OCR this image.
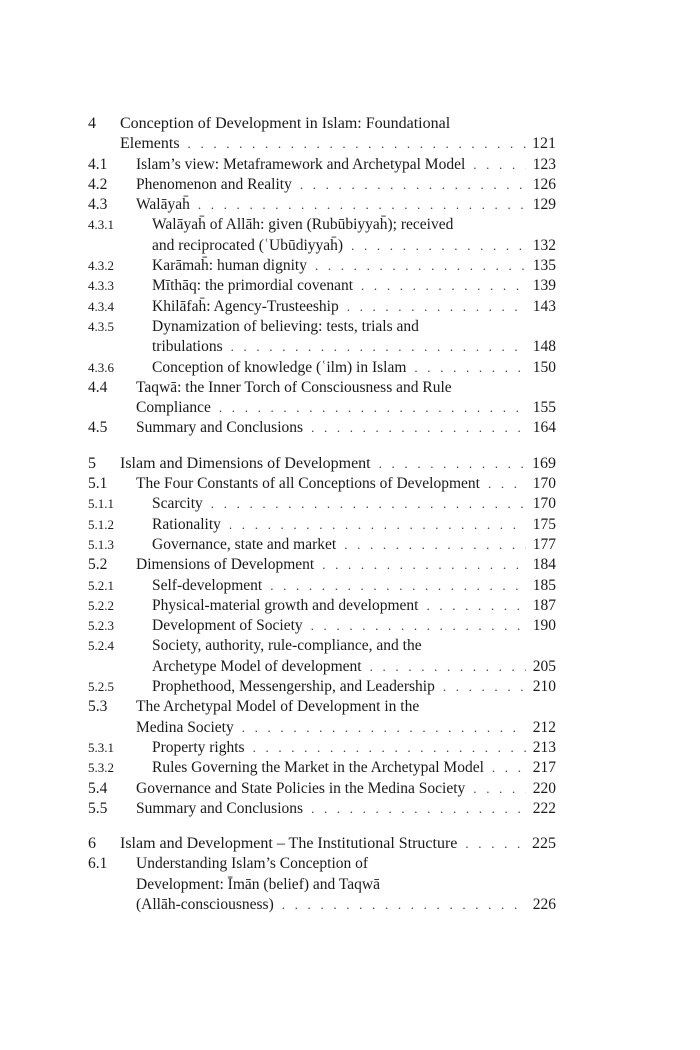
4 Conception of Development in Islam: Foundational
Elements . . .	121
4.1 Islam’s view: Metaframework and Archetypal Model . . .	123
4.2 Phenomenon and Reality . . .	126
4.3 Walāyah̄ . . .	129
4.3.1 Walāyah̄ of Allāh: given (Rubūbiyyah̄); received
and reciprocated (ʿUbūdiyyah̄) . . .	132
4.3.2 Karāmah̄: human dignity . . .	135
4.3.3 Mīthāq: the primordial covenant . . .	139
4.3.4 Khilāfah̄: Agency-Trusteeship . . .	143
4.3.5 Dynamization of believing: tests, trials and
tribulations . . .	148
4.3.6 Conception of knowledge (ʿilm) in Islam . . .	150
4.4 Taqwā: the Inner Torch of Consciousness and Rule
Compliance . . .	155
4.5 Summary and Conclusions . . .	164
5 Islam and Dimensions of Development . . .	169
5.1 The Four Constants of all Conceptions of Development . . .	170
5.1.1 Scarcity . . .	170
5.1.2 Rationality . . .	175
5.1.3 Governance, state and market . . .	177
5.2 Dimensions of Development . . .	184
5.2.1 Self-development . . .	185
5.2.2 Physical-material growth and development . . .	187
5.2.3 Development of Society . . .	190
5.2.4 Society, authority, rule-compliance, and the
Archetype Model of development . . .	205
5.2.5 Prophethood, Messengership, and Leadership . . .	210
5.3 The Archetypal Model of Development in the
Medina Society . . .	212
5.3.1 Property rights . . .	213
5.3.2 Rules Governing the Market in the Archetypal Model . . .	217
5.4 Governance and State Policies in the Medina Society . . .	220
5.5 Summary and Conclusions . . .	222
6 Islam and Development – The Institutional Structure . . .	225
6.1 Understanding Islam’s Conception of
Development: Īmān (belief) and Taqwā
(Allāh-consciousness) . . .	226
